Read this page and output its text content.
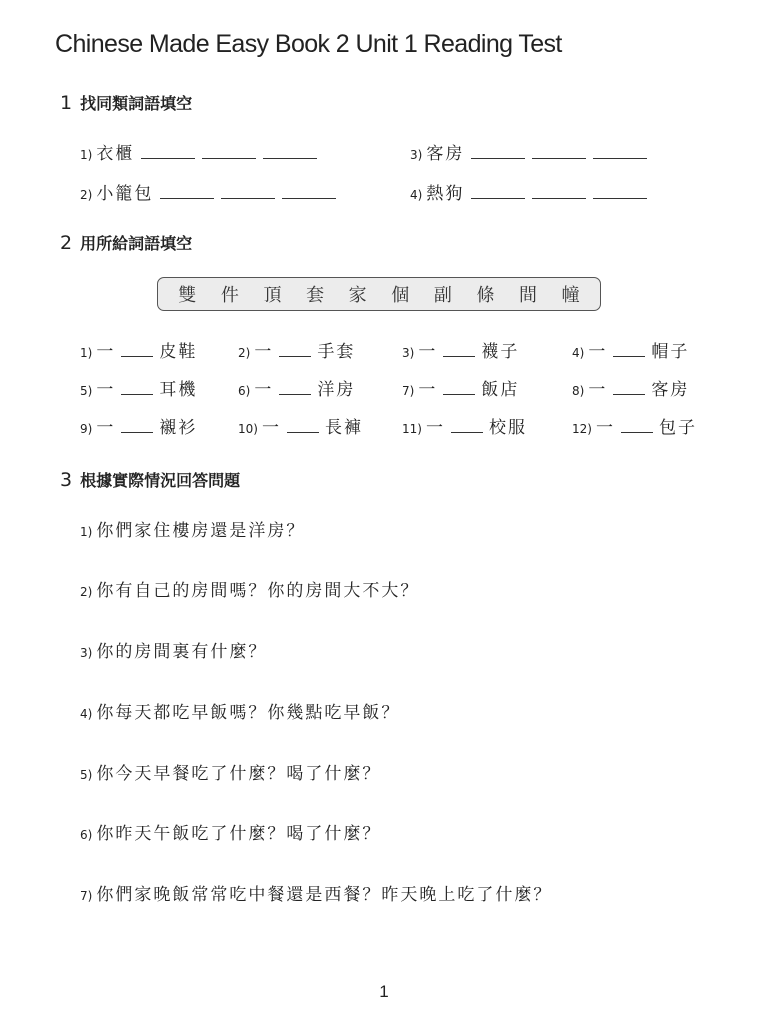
Chinese Made Easy Book 2 Unit 1 Reading Test
1 找同類詞語填空
1) 衣櫃
2) 小籠包
3) 客房
4) 熱狗
2 用所給詞語填空
雙 件 頂 套 家 個 副 條 間 幢
1) 一	皮鞋	2) 一	手套	3) 一	襪子	4) 一	帽子
5) 一	耳機	6) 一	洋房	7) 一	飯店	8) 一	客房
9) 一	襯衫	10) 一	長褲	11) 一	校服	12) 一	包子
3 根據實際情況回答問題
1) 你們家住樓房還是洋房？
2) 你有自己的房間嗎？你的房間大不大？
3) 你的房間裏有什麼？
4) 你每天都吃早飯嗎？你幾點吃早飯？
5) 你今天早餐吃了什麼？喝了什麼？
6) 你昨天午飯吃了什麼？喝了什麼？
7) 你們家晚飯常常吃中餐還是西餐？昨天晚上吃了什麼？
1
